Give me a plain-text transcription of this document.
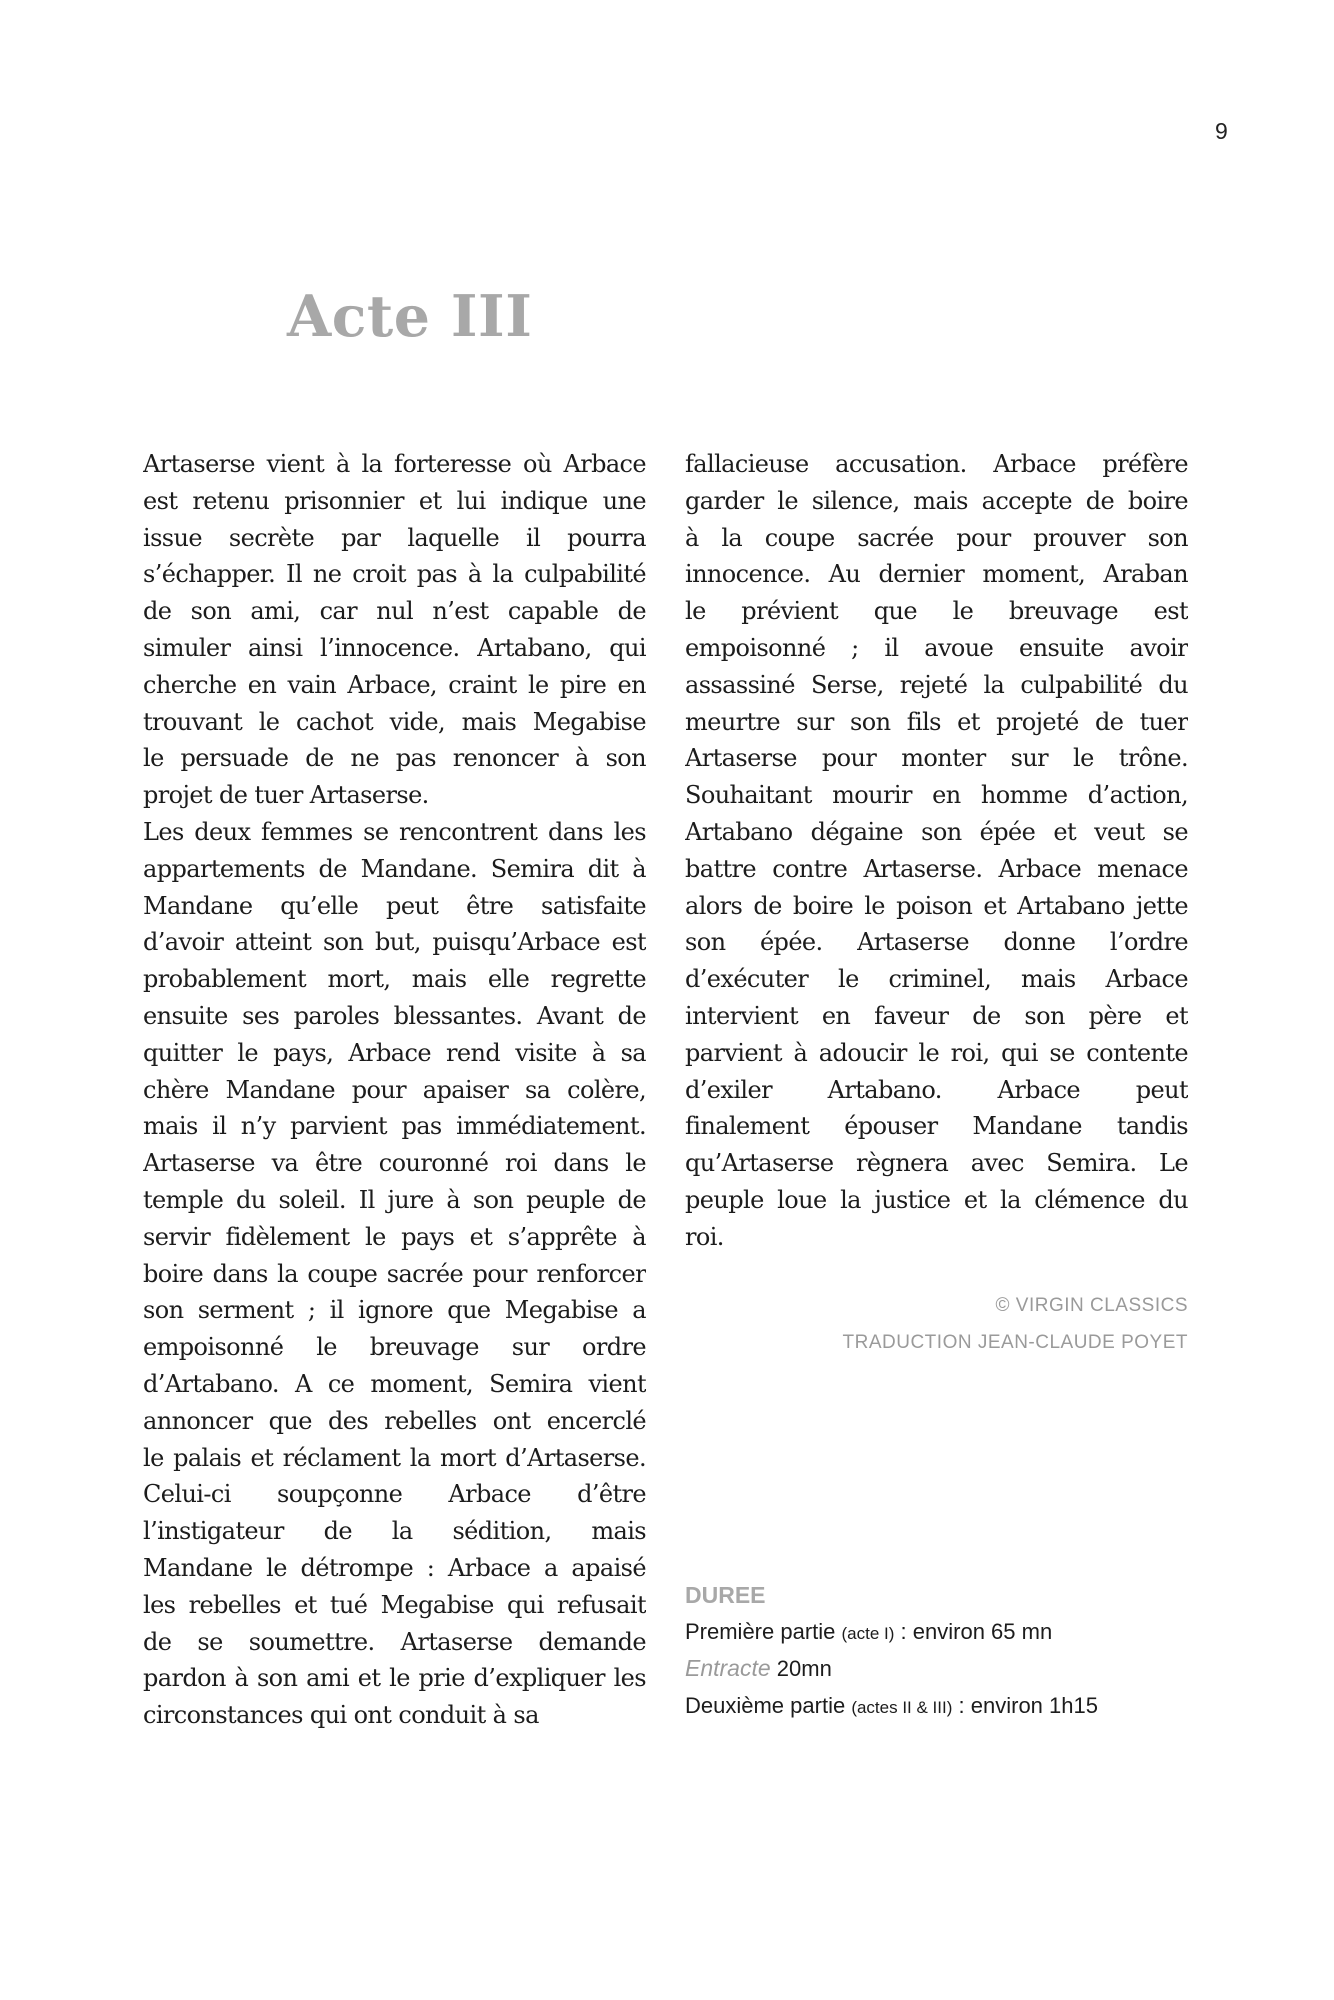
9
Acte III
Artaserse vient à la forteresse où Arbace
est retenu prisonnier et lui indique une
issue secrète par laquelle il pourra
s’échapper. Il ne croit pas à la culpabilité
de son ami, car nul n’est capable de
simuler ainsi l’innocence. Artabano, qui
cherche en vain Arbace, craint le pire en
trouvant le cachot vide, mais Megabise
le persuade de ne pas renoncer à son
projet de tuer Artaserse.
Les deux femmes se rencontrent dans les
appartements de Mandane. Semira dit à
Mandane qu’elle peut être satisfaite
d’avoir atteint son but, puisqu’Arbace est
probablement mort, mais elle regrette
ensuite ses paroles blessantes. Avant de
quitter le pays, Arbace rend visite à sa
chère Mandane pour apaiser sa colère,
mais il n’y parvient pas immédiatement.
Artaserse va être couronné roi dans le
temple du soleil. Il jure à son peuple de
servir fidèlement le pays et s’apprête à
boire dans la coupe sacrée pour renforcer
son serment ; il ignore que Megabise a
empoisonné le breuvage sur ordre
d’Artabano. A ce moment, Semira vient
annoncer que des rebelles ont encerclé
le palais et réclament la mort d’Artaserse.
Celui-ci soupçonne Arbace d’être
l’instigateur de la sédition, mais
Mandane le détrompe : Arbace a apaisé
les rebelles et tué Megabise qui refusait
de se soumettre. Artaserse demande
pardon à son ami et le prie d’expliquer les
circonstances qui ont conduit à sa
fallacieuse accusation. Arbace préfère
garder le silence, mais accepte de boire
à la coupe sacrée pour prouver son
innocence. Au dernier moment, Araban
le prévient que le breuvage est
empoisonné ; il avoue ensuite avoir
assassiné Serse, rejeté la culpabilité du
meurtre sur son fils et projeté de tuer
Artaserse pour monter sur le trône.
Souhaitant mourir en homme d’action,
Artabano dégaine son épée et veut se
battre contre Artaserse. Arbace menace
alors de boire le poison et Artabano jette
son épée. Artaserse donne l’ordre
d’exécuter le criminel, mais Arbace
intervient en faveur de son père et
parvient à adoucir le roi, qui se contente
d’exiler Artabano. Arbace peut
finalement épouser Mandane tandis
qu’Artaserse règnera avec Semira. Le
peuple loue la justice et la clémence du
roi.
© VIRGIN CLASSICS
TRADUCTION JEAN-CLAUDE POYET
DUREE
Première partie (acte I) : environ 65 mn
Entracte 20mn
Deuxième partie (actes II & III) : environ 1h15
